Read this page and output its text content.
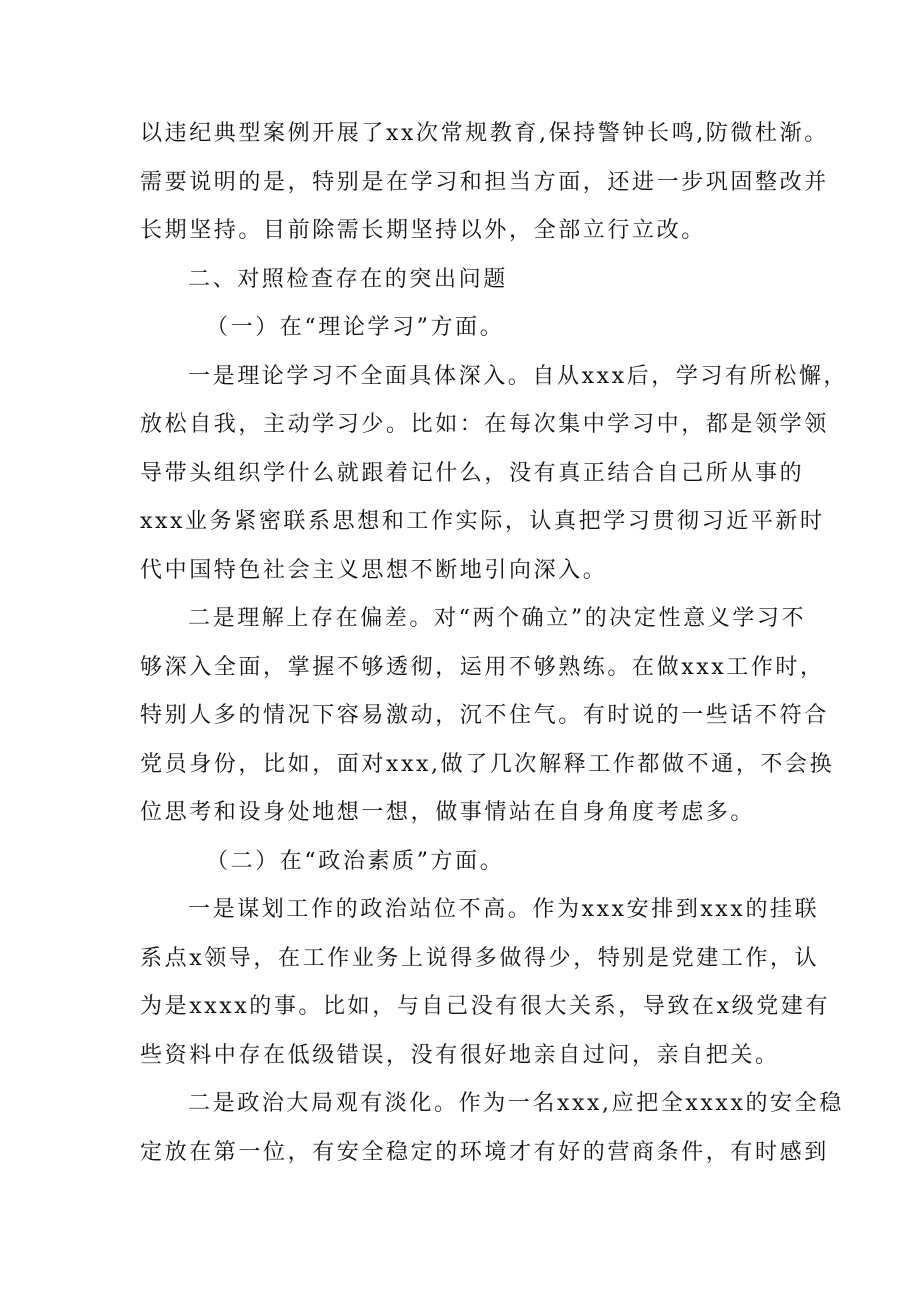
以违纪典型案例开展了xx次常规教育,保持警钟长鸣,防微杜渐。
需要说明的是，特别是在学习和担当方面，还进一步巩固整改并
长期坚持。目前除需长期坚持以外，全部立行立改。
二、对照检查存在的突出问题
（一）在“理论学习”方面。
一是理论学习不全面具体深入。自从xxx后，学习有所松懈，
放松自我，主动学习少。比如：在每次集中学习中，都是领学领
导带头组织学什么就跟着记什么，没有真正结合自己所从事的
xxx业务紧密联系思想和工作实际，认真把学习贯彻习近平新时
代中国特色社会主义思想不断地引向深入。
二是理解上存在偏差。对“两个确立”的决定性意义学习不
够深入全面，掌握不够透彻，运用不够熟练。在做xxx工作时，
特别人多的情况下容易激动，沉不住气。有时说的一些话不符合
党员身份，比如，面对xxx,做了几次解释工作都做不通，不会换
位思考和设身处地想一想，做事情站在自身角度考虑多。
（二）在“政治素质”方面。
一是谋划工作的政治站位不高。作为xxx安排到xxx的挂联
系点x领导，在工作业务上说得多做得少，特别是党建工作，认
为是xxxx的事。比如，与自己没有很大关系，导致在x级党建有
些资料中存在低级错误，没有很好地亲自过问，亲自把关。
二是政治大局观有淡化。作为一名xxx,应把全xxxx的安全稳
定放在第一位，有安全稳定的环境才有好的营商条件，有时感到
